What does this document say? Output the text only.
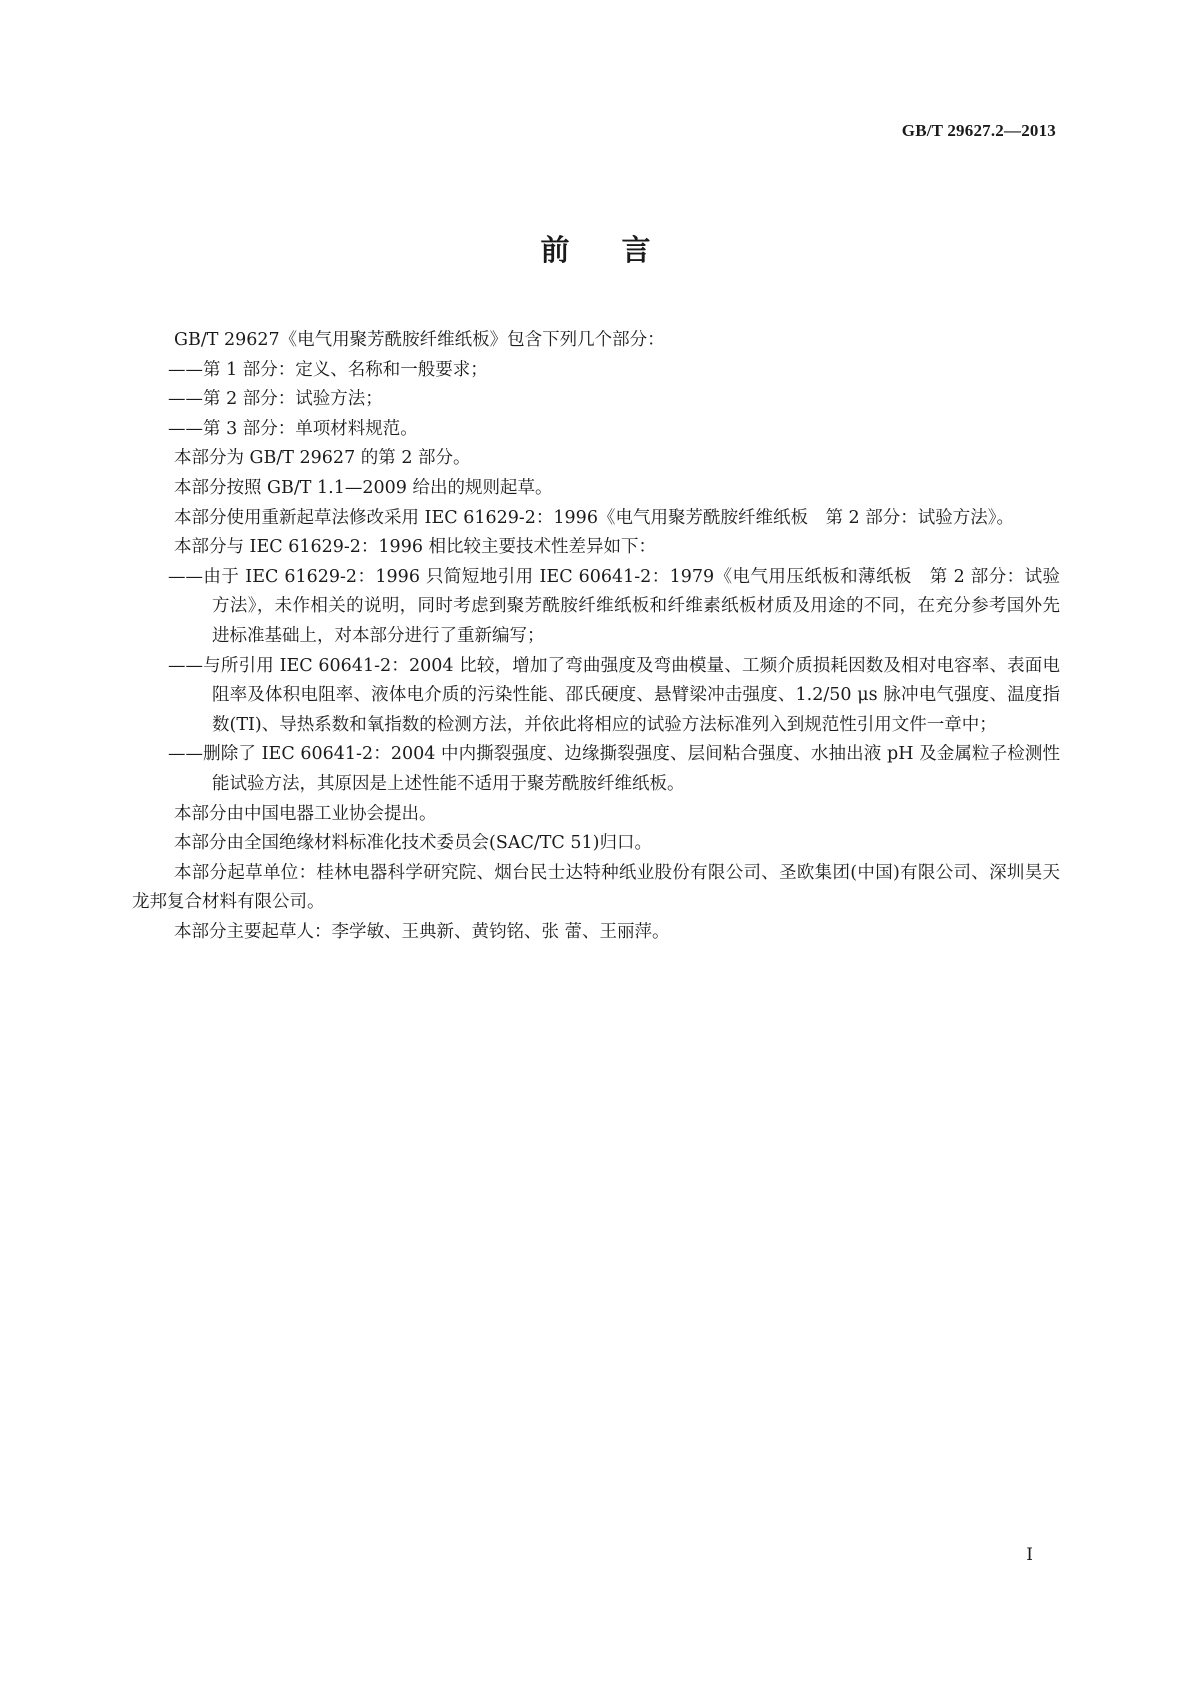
GB/T 29627.2—2013
前言

GB/T 29627《电气用聚芳酰胺纤维纸板》包含下列几个部分：

——第 1 部分：定义、名称和一般要求；

——第 2 部分：试验方法；

——第 3 部分：单项材料规范。

本部分为 GB/T 29627 的第 2 部分。

本部分按照 GB/T 1.1—2009 给出的规则起草。

本部分使用重新起草法修改采用 IEC 61629-2：1996《电气用聚芳酰胺纤维纸板　第 2 部分：试验方法》。

本部分与 IEC 61629-2：1996 相比较主要技术性差异如下：

——由于 IEC 61629-2：1996 只简短地引用 IEC 60641-2：1979《电气用压纸板和薄纸板　第 2 部分：试验方法》，未作相关的说明，同时考虑到聚芳酰胺纤维纸板和纤维素纸板材质及用途的不同，在充分参考国外先进标准基础上，对本部分进行了重新编写；

——与所引用 IEC 60641-2：2004 比较，增加了弯曲强度及弯曲模量、工频介质损耗因数及相对电容率、表面电阻率及体积电阻率、液体电介质的污染性能、邵氏硬度、悬臂梁冲击强度、1.2/50 μs 脉冲电气强度、温度指数(TI)、导热系数和氧指数的检测方法，并依此将相应的试验方法标准列入到规范性引用文件一章中；

——删除了 IEC 60641-2：2004 中内撕裂强度、边缘撕裂强度、层间粘合强度、水抽出液 pH 及金属粒子检测性能试验方法，其原因是上述性能不适用于聚芳酰胺纤维纸板。

本部分由中国电器工业协会提出。

本部分由全国绝缘材料标准化技术委员会(SAC/TC 51)归口。

本部分起草单位：桂林电器科学研究院、烟台民士达特种纸业股份有限公司、圣欧集团(中国)有限公司、深圳昊天龙邦复合材料有限公司。

本部分主要起草人：李学敏、王典新、黄钧铭、张 蕾、王丽萍。

I
